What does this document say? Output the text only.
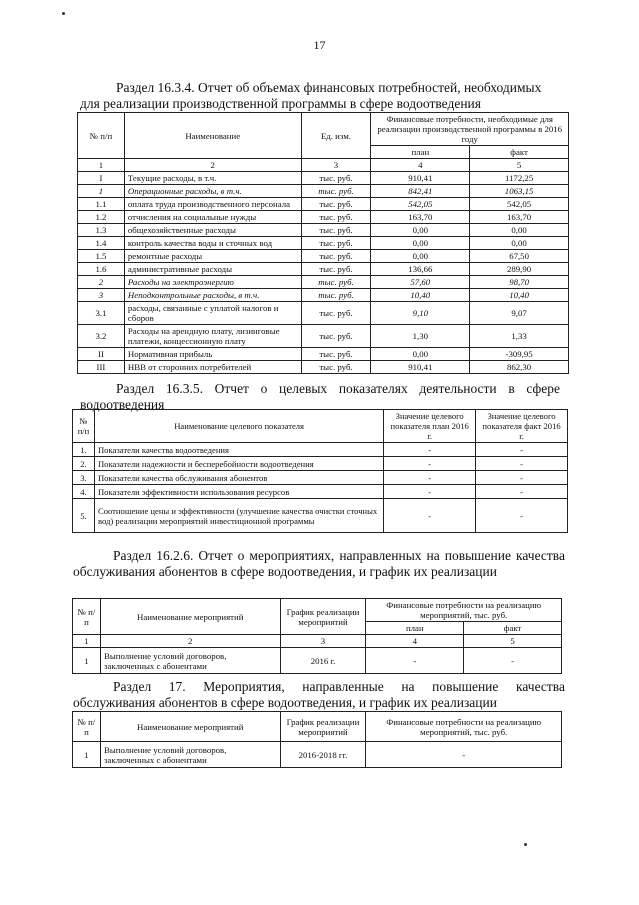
17
Раздел 16.3.4. Отчет об объемах финансовых потребностей, необходимых для реализации производственной программы в сфере водоотведения
№ п/п	Наименование	Ед. изм.	Финансовые потребности, необходимые для реализации производственной программы в 2016 году	
			план	факт
1	2	3	4	5
I	Текущие расходы, в т.ч.	тыс. руб.	910,41	1172,25
1	Операционные расходы, в т.ч.	тыс. руб.	842,41	1063,15
1.1	оплата труда производственного персонала	тыс. руб.	542,05	542,05
1.2	отчисления на социальные нужды	тыс. руб.	163,70	163,70
1.3	общехозяйственные расходы	тыс. руб.	0,00	0,00
1.4	контроль качества воды и сточных вод	тыс. руб.	0,00	0,00
1.5	ремонтные расходы	тыс. руб.	0,00	67,50
1.6	административные расходы	тыс. руб.	136,66	289,90
2	Расходы на электроэнергию	тыс. руб.	57,60	98,70
3	Неподконтрольные расходы, в т.ч.	тыс. руб.	10,40	10,40
3.1	расходы, связанные с уплатой налогов и сборов	тыс. руб.	9,10	9,07
3.2	Расходы на арендную плату, лизинговые платежи, концессионную плату	тыс. руб.	1,30	1,33
II	Нормативная прибыль	тыс. руб.	0,00	-309,95
III	НВВ от сторонних потребителей	тыс. руб.	910,41	862,30
Раздел 16.3.5. Отчет о целевых показателях деятельности в сфере водоотведения
№ п/п	Наименование целевого показателя	Значение целевого показателя план 2016 г.	Значение целевого показателя факт 2016 г.
1.	Показатели качества водоотведения	-	-
2.	Показатели надежности и бесперебойности водоотведения	-	-
3.	Показатели качества обслуживания абонентов	-	-
4.	Показатели эффективности использования ресурсов	-	-
5.	Соотношение цены и эффективности (улучшение качества очистки сточных вод) реализации мероприятий инвестиционной программы	-	-
Раздел 16.2.6. Отчет о мероприятиях, направленных на повышение качества обслуживания абонентов в сфере водоотведения, и график их реализации
№ п/п	Наименование мероприятий	График реализации мероприятий	Финансовые потребности на реализацию мероприятий, тыс. руб.	
			план	факт
1	2	3	4	5
1	Выполнение условий договоров, заключенных с абонентами	2016 г.	-	-
Раздел 17. Мероприятия, направленные на повышение качества обслуживания абонентов в сфере водоотведения, и график их реализации
№ п/п	Наименование мероприятий	График реализации мероприятий	Финансовые потребности на реализацию мероприятий, тыс. руб.
1	Выполнение условий договоров, заключенных с абонентами	2016-2018 гг.	-
